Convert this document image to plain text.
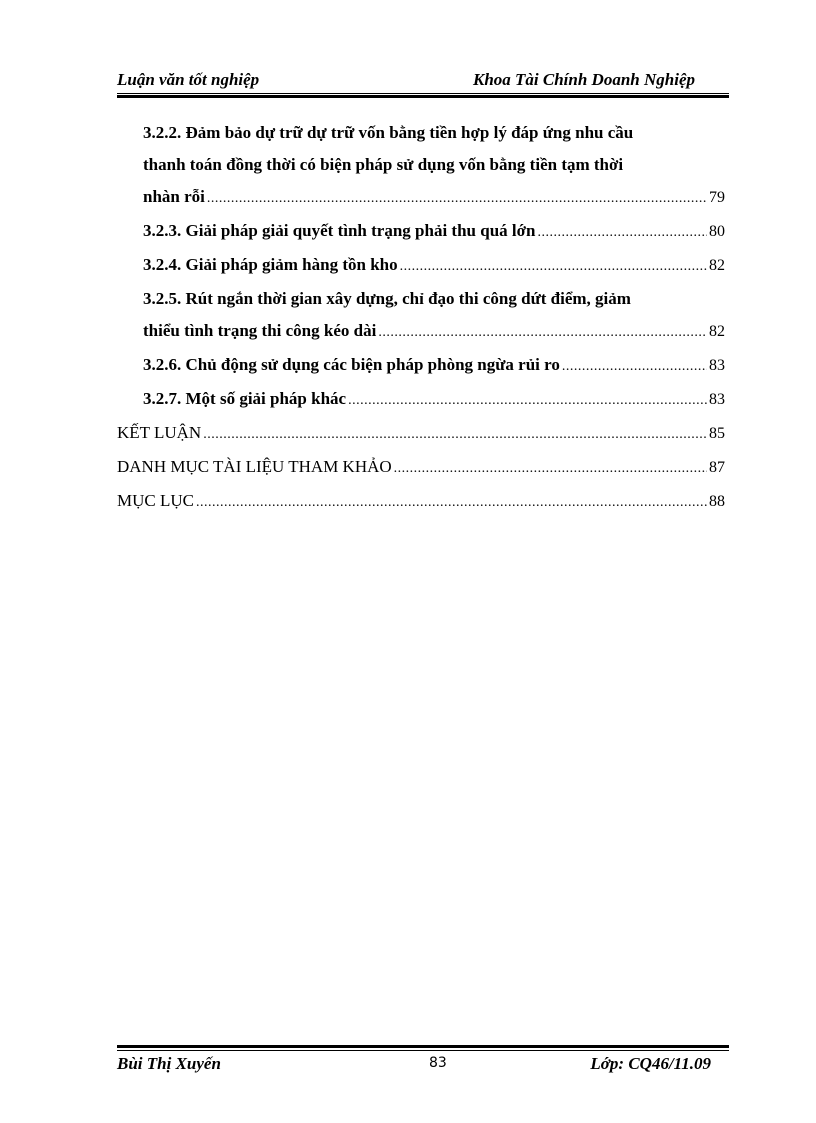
Luận văn tốt nghiệp	Khoa Tài Chính Doanh Nghiệp
3.2.2. Đảm bảo dự trữ dự trữ vốn bằng tiền hợp lý đáp ứng nhu cầu
thanh toán đồng thời có biện pháp sử dụng vốn bằng tiền tạm thời
nhàn rỗi .....	79
3.2.3. Giải pháp giải quyết tình trạng phải thu quá lớn .....	80
3.2.4. Giải pháp giảm hàng tồn kho .....	82
3.2.5. Rút ngắn thời gian xây dựng, chỉ đạo thi công dứt điểm, giảm
thiểu tình trạng thi công kéo dài .....	82
3.2.6. Chủ động sử dụng các biện pháp phòng ngừa rủi ro .....	83
3.2.7. Một số giải pháp khác .....	83
KẾT LUẬN .....	85
DANH MỤC TÀI LIỆU THAM KHẢO .....	87
MỤC LỤC .....	88
Bùi Thị Xuyến	83	Lớp: CQ46/11.09
